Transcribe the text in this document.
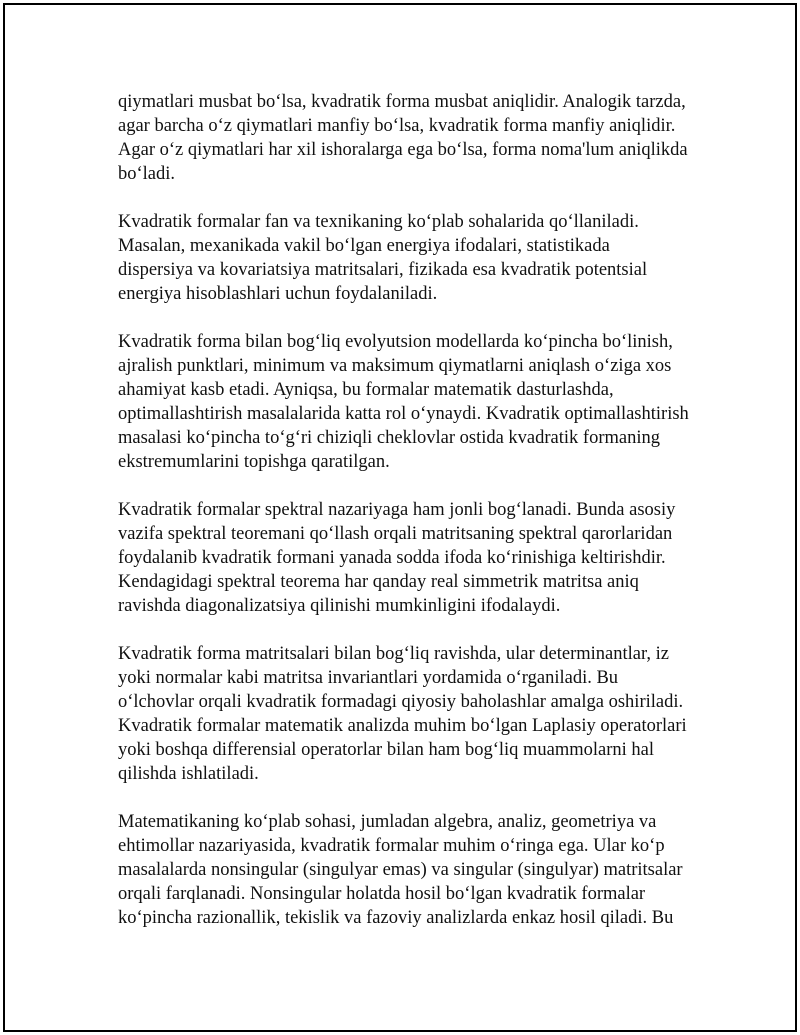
qiymatlari musbat bo‘lsa, kvadratik forma musbat aniqlidir. Analogik tarzda,
agar barcha o‘z qiymatlari manfiy bo‘lsa, kvadratik forma manfiy aniqlidir.
Agar o‘z qiymatlari har xil ishoralarga ega bo‘lsa, forma noma'lum aniqlikda
bo‘ladi.

Kvadratik formalar fan va texnikaning ko‘plab sohalarida qo‘llaniladi.
Masalan, mexanikada vakil bo‘lgan energiya ifodalari, statistikada
dispersiya va kovariatsiya matritsalari, fizikada esa kvadratik potentsial
energiya hisoblashlari uchun foydalaniladi.

Kvadratik forma bilan bog‘liq evolyutsion modellarda ko‘pincha bo‘linish,
ajralish punktlari, minimum va maksimum qiymatlarni aniqlash o‘ziga xos
ahamiyat kasb etadi. Ayniqsa, bu formalar matematik dasturlashda,
optimallashtirish masalalarida katta rol o‘ynaydi. Kvadratik optimallashtirish
masalasi ko‘pincha to‘g‘ri chiziqli cheklovlar ostida kvadratik formaning
ekstremumlarini topishga qaratilgan.

Kvadratik formalar spektral nazariyaga ham jonli bog‘lanadi. Bunda asosiy
vazifa spektral teoremani qo‘llash orqali matritsaning spektral qarorlaridan
foydalanib kvadratik formani yanada sodda ifoda ko‘rinishiga keltirishdir.
Kendagidagi spektral teorema har qanday real simmetrik matritsa aniq
ravishda diagonalizatsiya qilinishi mumkinligini ifodalaydi.

Kvadratik forma matritsalari bilan bog‘liq ravishda, ular determinantlar, iz
yoki normalar kabi matritsa invariantlari yordamida o‘rganiladi. Bu
o‘lchovlar orqali kvadratik formadagi qiyosiy baholashlar amalga oshiriladi.
Kvadratik formalar matematik analizda muhim bo‘lgan Laplasiy operatorlari
yoki boshqa differensial operatorlar bilan ham bog‘liq muammolarni hal
qilishda ishlatiladi.

Matematikaning ko‘plab sohasi, jumladan algebra, analiz, geometriya va
ehtimollar nazariyasida, kvadratik formalar muhim o‘ringa ega. Ular ko‘p
masalalarda nonsingular (singulyar emas) va singular (singulyar) matritsalar
orqali farqlanadi. Nonsingular holatda hosil bo‘lgan kvadratik formalar
ko‘pincha razionallik, tekislik va fazoviy analizlarda enkaz hosil qiladi. Bu
